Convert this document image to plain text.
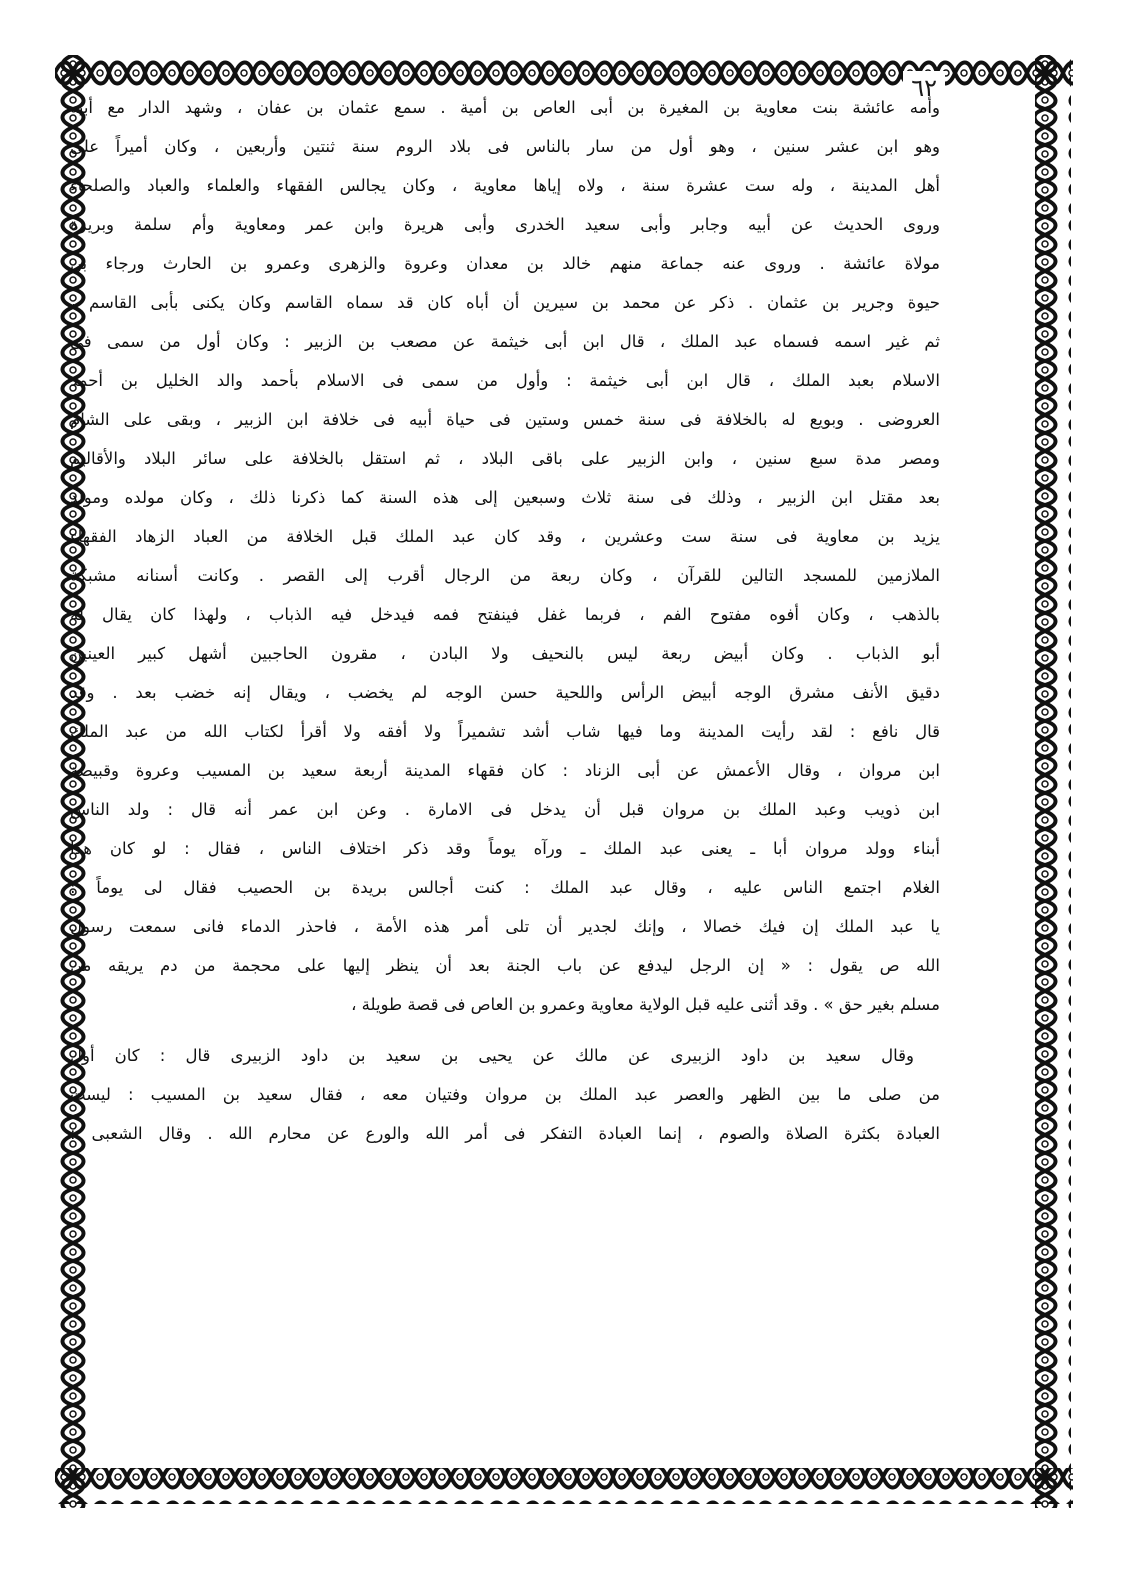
٦٢
وأمه عائشة بنت معاوية بن المغيرة بن أبى العاص بن أمية . سمع عثمان بن عفان ، وشهد الدار مع أبيه
وهو ابن عشر سنين ، وهو أول من سار بالناس فى بلاد الروم سنة ثنتين وأربعين ، وكان أميراً على
أهل المدينة ، وله ست عشرة سنة ، ولاه إياها معاوية ، وكان يجالس الفقهاء والعلماء والعباد والصلحاء
وروى الحديث عن أبيه وجابر وأبى سعيد الخدرى وأبى هريرة وابن عمر ومعاوية وأم سلمة وبريرة
مولاة عائشة . وروى عنه جماعة منهم خالد بن معدان وعروة والزهرى وعمرو بن الحارث ورجاء بن
حيوة وجرير بن عثمان . ذكر عن محمد بن سيرين أن أباه كان قد سماه القاسم وكان يكنى بأبى القاسم ،
ثم غير اسمه فسماه عبد الملك ، قال ابن أبى خيثمة عن مصعب بن الزبير : وكان أول من سمى فى
الاسلام بعبد الملك ، قال ابن أبى خيثمة : وأول من سمى فى الاسلام بأحمد والد الخليل بن أحمد
العروضى . وبويع له بالخلافة فى سنة خمس وستين فى حياة أبيه فى خلافة ابن الزبير ، وبقى على الشام
ومصر مدة سبع سنين ، وابن الزبير على باقى البلاد ، ثم استقل بالخلافة على سائر البلاد والأقاليم
بعد مقتل ابن الزبير ، وذلك فى سنة ثلاث وسبعين إلى هذه السنة كما ذكرنا ذلك ، وكان مولده ومولد
يزيد بن معاوية فى سنة ست وعشرين ، وقد كان عبد الملك قبل الخلافة من العباد الزهاد الفقهاء
الملازمين للمسجد التالين للقرآن ، وكان ربعة من الرجال أقرب إلى القصر . وكانت أسنانه مشبكة
بالذهب ، وكان أفوه مفتوح الفم ، فربما غفل فينفتح فمه فيدخل فيه الذباب ، ولهذا كان يقال له
أبو الذباب . وكان أبيض ربعة ليس بالنحيف ولا البادن ، مقرون الحاجبين أشهل كبير العينين
دقيق الأنف مشرق الوجه أبيض الرأس واللحية حسن الوجه لم يخضب ، ويقال إنه خضب بعد . وقد
قال نافع : لقد رأيت المدينة وما فيها شاب أشد تشميراً ولا أفقه ولا أقرأ لكتاب الله من عبد الملك
ابن مروان ، وقال الأعمش عن أبى الزناد : كان فقهاء المدينة أربعة سعيد بن المسيب وعروة وقبيصة
ابن ذويب وعبد الملك بن مروان قبل أن يدخل فى الامارة . وعن ابن عمر أنه قال : ولد الناس
أبناء وولد مروان أبا ـ يعنى عبد الملك ـ ورآه يوماً وقد ذكر اختلاف الناس ، فقال : لو كان هذا
الغلام اجتمع الناس عليه ، وقال عبد الملك : كنت أجالس بريدة بن الحصيب فقال لى يوماً :
يا عبد الملك إن فيك خصالا ، وإنك لجدير أن تلى أمر هذه الأمة ، فاحذر الدماء فانى سمعت رسول
الله ص يقول : « إن الرجل ليدفع عن باب الجنة بعد أن ينظر إليها على محجمة من دم يريقه من
مسلم بغير حق » . وقد أثنى عليه قبل الولاية معاوية وعمرو بن العاص فى قصة طويلة ،
وقال سعيد بن داود الزبيرى عن مالك عن يحيى بن سعيد بن داود الزبيرى قال : كان أول
من صلى ما بين الظهر والعصر عبد الملك بن مروان وفتيان معه ، فقال سعيد بن المسيب : ليست
العبادة بكثرة الصلاة والصوم ، إنما العبادة التفكر فى أمر الله والورع عن محارم الله . وقال الشعبى :
